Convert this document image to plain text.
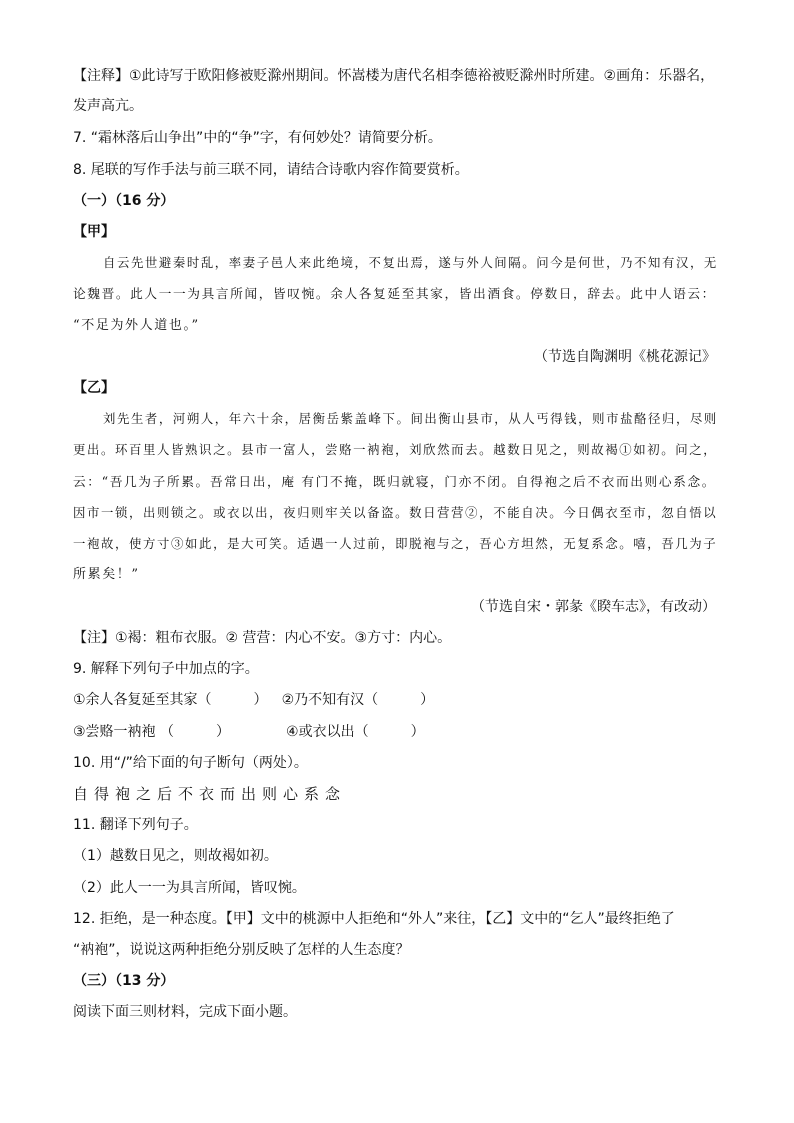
【注释】①此诗写于欧阳修被贬滁州期间。怀嵩楼为唐代名相李德裕被贬滁州时所建。②画角：乐器名，
发声高亢。
7. “霜林落后山争出”中的“争”字，有何妙处？请简要分析。
8. 尾联的写作手法与前三联不同，请结合诗歌内容作简要赏析。
（一）（16 分）
【甲】
自云先世避秦时乱，率妻子邑人来此绝境，不复出焉，遂与外人间隔。问今是何世，乃不知有汉，无
论魏晋。此人一一为具言所闻，皆叹惋。余人各复延至其家，皆出酒食。停数日，辞去。此中人语云：
“不足为外人道也。”
（节选自陶渊明《桃花源记》
【乙】
刘先生者，河朔人，年六十余，居衡岳紫盖峰下。间出衡山县市，从人丐得钱，则市盐酪径归，尽则
更出。环百里人皆熟识之。县市一富人，尝赂一衲袍，刘欣然而去。越数日见之，则故褐①如初。问之，
云：“吾几为子所累。吾常日出，庵 有门不掩，既归就寝，门亦不闭。自得袍之后不衣而出则心系念。
因市一锁，出则锁之。或衣以出，夜归则牢关以备盗。数日营营②，不能自决。今日偶衣至市，忽自悟以
一袍故，使方寸③如此，是大可笑。适遇一人过前，即脱袍与之，吾心方坦然，无复系念。嘻，吾几为子
所累矣！”
（节选自宋・郭彖《睽车志》，有改动）
【注】①褐：粗布衣服。② 营营：内心不安。③方寸：内心。
9. 解释下列句子中加点的字。
①余人各复延至其家（　　　） ②乃不知有汉（　　　）
③尝赂一衲袍 （　　　）	④或衣以出（　　　）
10. 用“/”给下面的句子断句（两处）。
自得袍之后不衣而出则心系念
11. 翻译下列句子。
（1）越数日见之，则故褐如初。
（2）此人一一为具言所闻，皆叹惋。
12. 拒绝，是一种态度。【甲】文中的桃源中人拒绝和“外人”来往，【乙】文中的“乞人”最终拒绝了
“衲袍”，说说这两种拒绝分别反映了怎样的人生态度？
（三）（13 分）
阅读下面三则材料，完成下面小题。
